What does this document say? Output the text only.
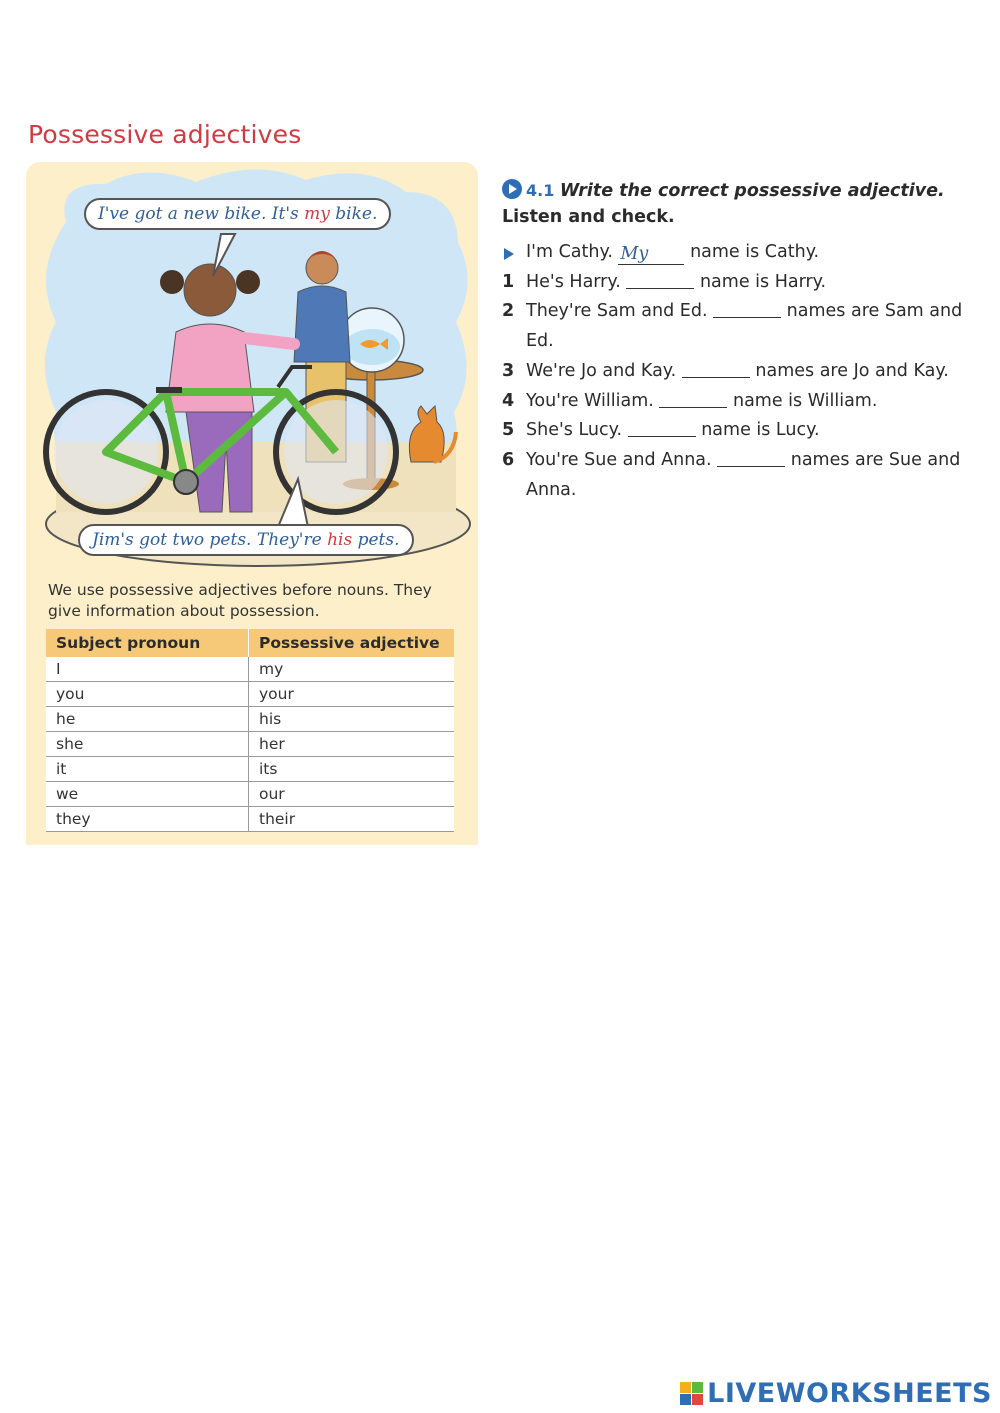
Possessive adjectives
I've got a new bike. It's my bike.
Jim's got two pets. They're his pets.
We use possessive adjectives before nouns. They give information about possession.
Subject pronoun	Possessive adjective
I	my
you	your
he	his
she	her
it	its
we	our
they	their
4.1 Write the correct possessive adjective.
Listen and check.
I'm Cathy. My name is Cathy.
1 He's Harry.	name is Harry.
2 They're Sam and Ed.	names are Sam and Ed.
3 We're Jo and Kay.	names are Jo and Kay.
4 You're William.	name is William.
5 She's Lucy.	name is Lucy.
6 You're Sue and Anna.	names are Sue and Anna.
LIVEWORKSHEETS
